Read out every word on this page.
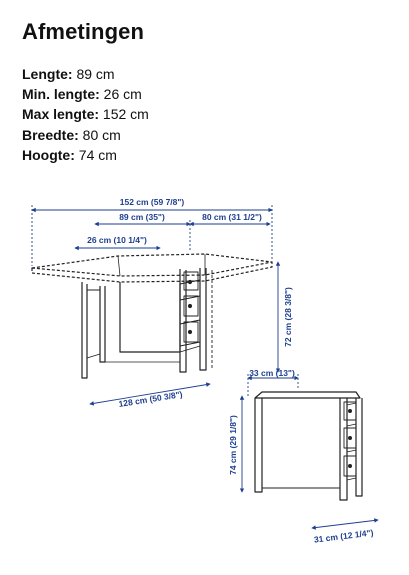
Afmetingen
Lengte: 89 cm
Min. lengte: 26 cm
Max lengte: 152 cm
Breedte: 80 cm
Hoogte: 74 cm
152 cm (59 7/8")
89 cm (35")	80 cm (31 1/2")
26 cm (10 1/4")
72 cm (28 3/8")
128 cm (50 3/8")
33 cm (13")
74 cm (29 1/8")
31 cm (12 1/4")
